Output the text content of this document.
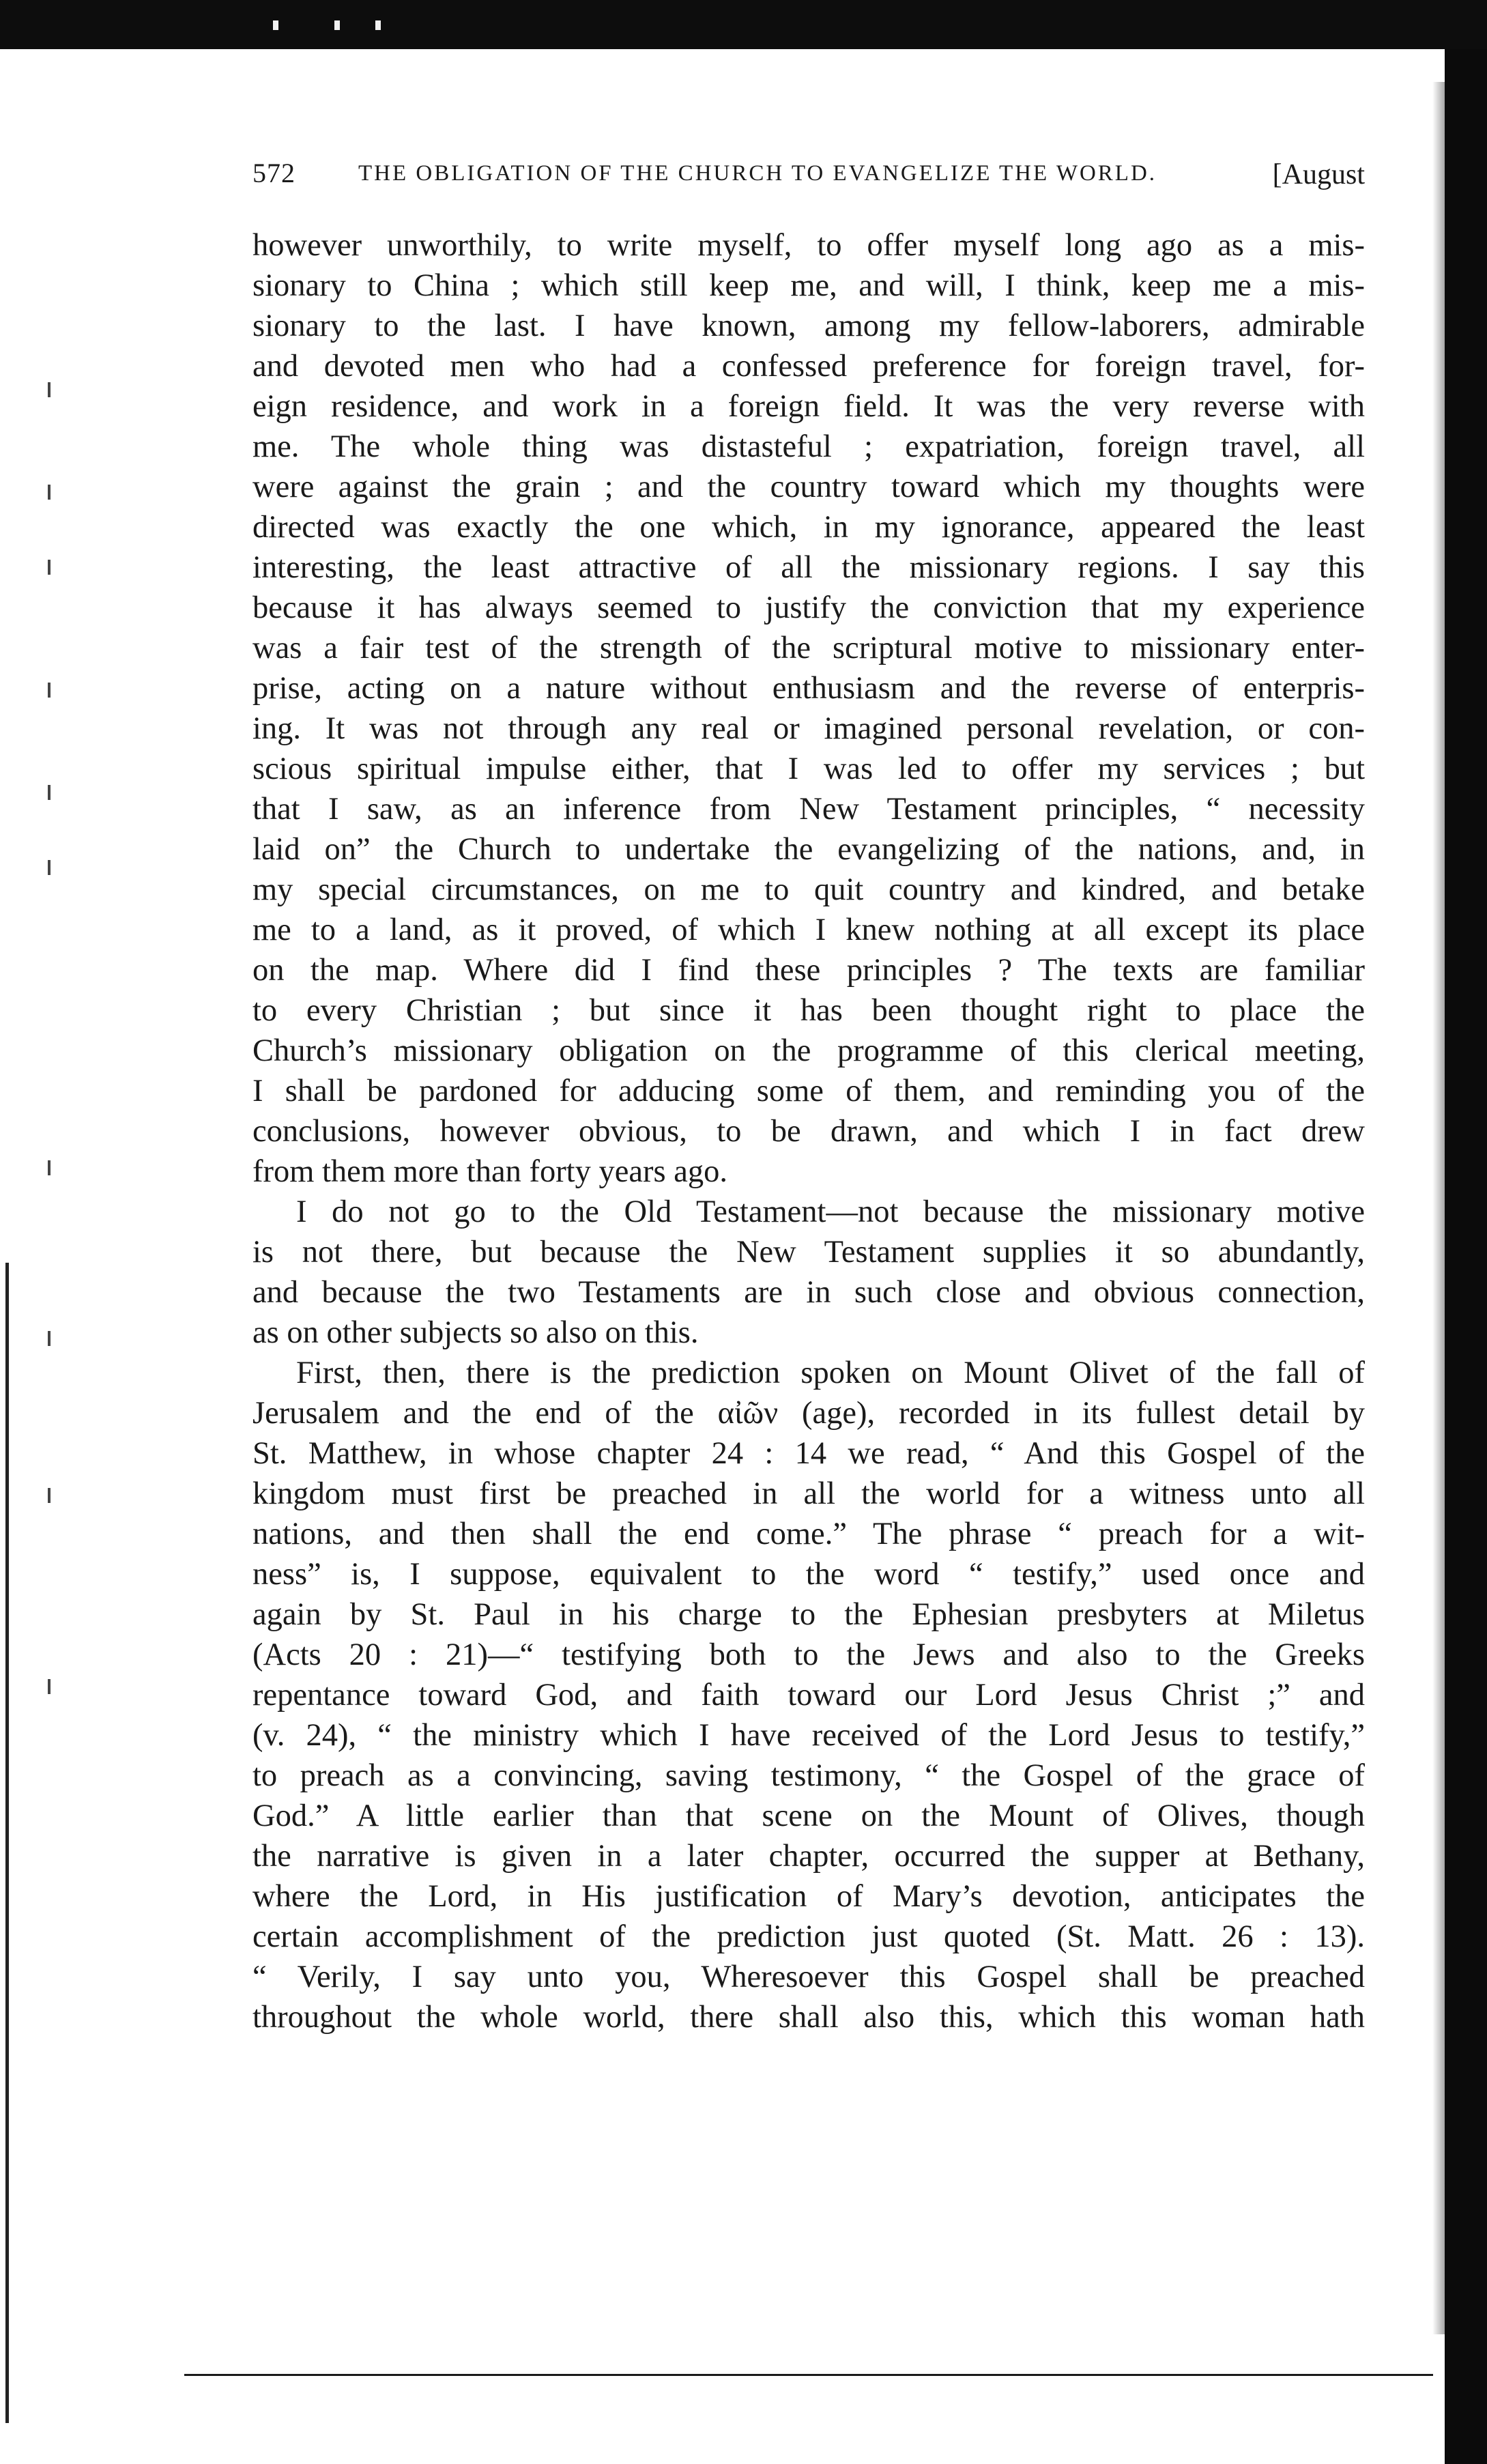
572	THE OBLIGATION OF THE CHURCH TO EVANGELIZE THE WORLD.	[August
however unworthily, to write myself, to offer myself long ago as a mis-
sionary to China ; which still keep me, and will, I think, keep me a mis-
sionary to the last. I have known, among my fellow-laborers, admirable
and devoted men who had a confessed preference for foreign travel, for-
eign residence, and work in a foreign field. It was the very reverse with
me. The whole thing was distasteful ; expatriation, foreign travel, all
were against the grain ; and the country toward which my thoughts were
directed was exactly the one which, in my ignorance, appeared the least
interesting, the least attractive of all the missionary regions. I say this
because it has always seemed to justify the conviction that my experience
was a fair test of the strength of the scriptural motive to missionary enter-
prise, acting on a nature without enthusiasm and the reverse of enterpris-
ing. It was not through any real or imagined personal revelation, or con-
scious spiritual impulse either, that I was led to offer my services ; but
that I saw, as an inference from New Testament principles, “ necessity
laid on” the Church to undertake the evangelizing of the nations, and, in
my special circumstances, on me to quit country and kindred, and betake
me to a land, as it proved, of which I knew nothing at all except its place
on the map. Where did I find these principles ? The texts are familiar
to every Christian ; but since it has been thought right to place the
Church’s missionary obligation on the programme of this clerical meeting,
I shall be pardoned for adducing some of them, and reminding you of the
conclusions, however obvious, to be drawn, and which I in fact drew
from them more than forty years ago.
I do not go to the Old Testament—not because the missionary motive
is not there, but because the New Testament supplies it so abundantly,
and because the two Testaments are in such close and obvious connection,
as on other subjects so also on this.
First, then, there is the prediction spoken on Mount Olivet of the fall of
Jerusalem and the end of the αἰῶν (age), recorded in its fullest detail by
St. Matthew, in whose chapter 24 : 14 we read, “ And this Gospel of the
kingdom must first be preached in all the world for a witness unto all
nations, and then shall the end come.” The phrase “ preach for a wit-
ness” is, I suppose, equivalent to the word “ testify,” used once and
again by St. Paul in his charge to the Ephesian presbyters at Miletus
(Acts 20 : 21)—“ testifying both to the Jews and also to the Greeks
repentance toward God, and faith toward our Lord Jesus Christ ;” and
(v. 24), “ the ministry which I have received of the Lord Jesus to testify,”
to preach as a convincing, saving testimony, “ the Gospel of the grace of
God.” A little earlier than that scene on the Mount of Olives, though
the narrative is given in a later chapter, occurred the supper at Bethany,
where the Lord, in His justification of Mary’s devotion, anticipates the
certain accomplishment of the prediction just quoted (St. Matt. 26 : 13).
“ Verily, I say unto you, Wheresoever this Gospel shall be preached
throughout the whole world, there shall also this, which this woman hath
